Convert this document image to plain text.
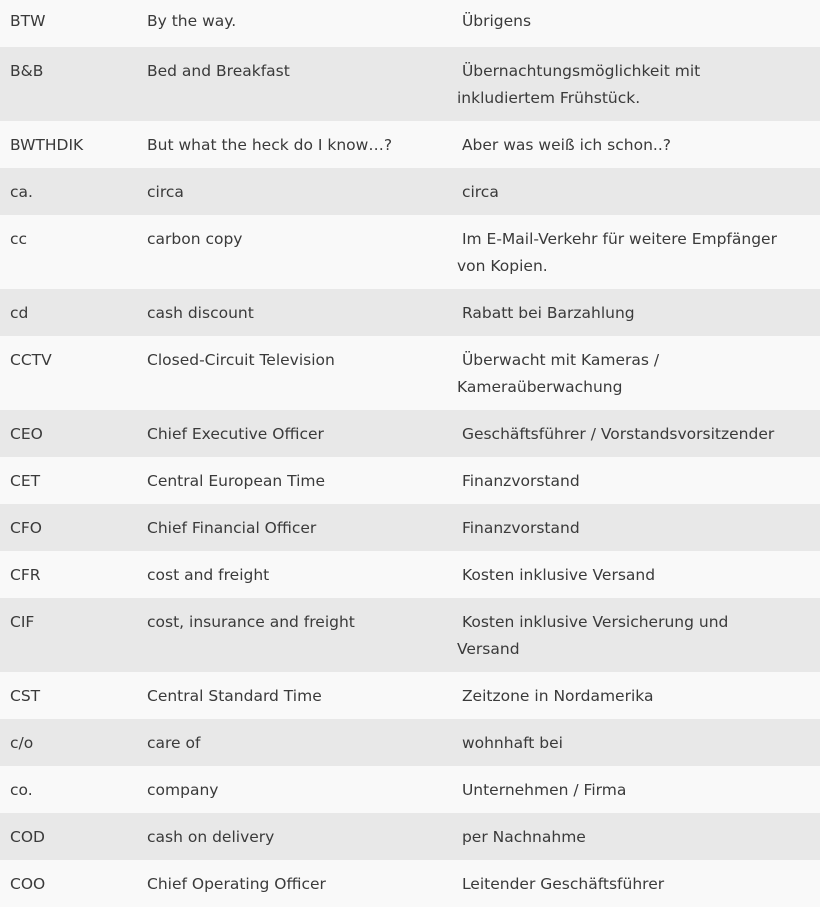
BTW	By the way.	Übrigens
B&B	Bed and Breakfast	Übernachtungsmöglichkeit mit
inkludiertem Frühstück.
BWTHDIK	But what the heck do I know…?	Aber was weiß ich schon..?
ca.	circa	circa
cc	carbon copy	Im E-Mail-Verkehr für weitere Empfänger
von Kopien.
cd	cash discount	Rabatt bei Barzahlung
CCTV	Closed-Circuit Television	Überwacht mit Kameras /
Kameraüberwachung
CEO	Chief Executive Officer	Geschäftsführer / Vorstandsvorsitzender
CET	Central European Time	Finanzvorstand
CFO	Chief Financial Officer	Finanzvorstand
CFR	cost and freight	Kosten inklusive Versand
CIF	cost, insurance and freight	Kosten inklusive Versicherung und
Versand
CST	Central Standard Time	Zeitzone in Nordamerika
c/o	care of	wohnhaft bei
co.	company	Unternehmen / Firma
COD	cash on delivery	per Nachnahme
COO	Chief Operating Officer	Leitender Geschäftsführer
